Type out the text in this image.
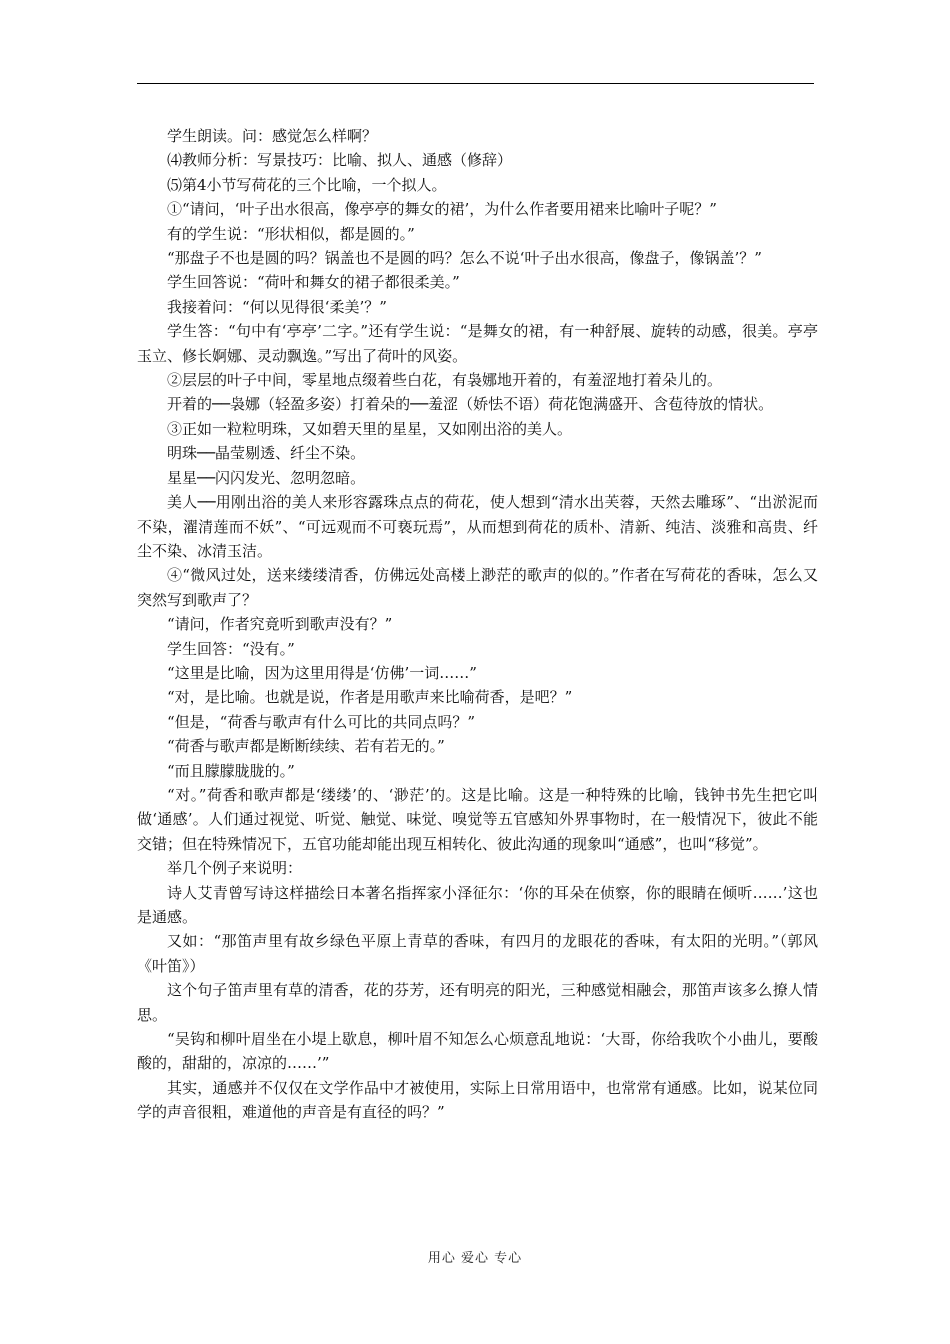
学生朗读。问：感觉怎么样啊？

⑷教师分析：写景技巧：比喻、拟人、通感（修辞）

⑸第4小节写荷花的三个比喻，一个拟人。

①“请问，‘叶子出水很高，像亭亭的舞女的裙’，为什么作者要用裙来比喻叶子呢？”

有的学生说：“形状相似，都是圆的。”

“那盘子不也是圆的吗？锅盖也不是圆的吗？怎么不说‘叶子出水很高，像盘子，像锅盖’？”

学生回答说：“荷叶和舞女的裙子都很柔美。”

我接着问：“何以见得很‘柔美’？”

学生答：“句中有‘亭亭’二字。”还有学生说：“是舞女的裙，有一种舒展、旋转的动感，很美。亭亭玉立、修长婀娜、灵动飘逸。”写出了荷叶的风姿。

②层层的叶子中间，零星地点缀着些白花，有袅娜地开着的，有羞涩地打着朵儿的。

开着的──袅娜（轻盈多姿）打着朵的──羞涩（娇怯不语）荷花饱满盛开、含苞待放的情状。

③正如一粒粒明珠，又如碧天里的星星，又如刚出浴的美人。

明珠──晶莹剔透、纤尘不染。

星星──闪闪发光、忽明忽暗。

美人──用刚出浴的美人来形容露珠点点的荷花，使人想到“清水出芙蓉，天然去雕琢”、“出淤泥而不染，濯清莲而不妖”、“可远观而不可亵玩焉”，从而想到荷花的质朴、清新、纯洁、淡雅和高贵、纤尘不染、冰清玉洁。

④“微风过处，送来缕缕清香，仿佛远处高楼上渺茫的歌声的似的。”作者在写荷花的香味，怎么又突然写到歌声了？

“请问，作者究竟听到歌声没有？”

学生回答：“没有。”

“这里是比喻，因为这里用得是‘仿佛’一词……”

“对，是比喻。也就是说，作者是用歌声来比喻荷香，是吧？”

“但是，“荷香与歌声有什么可比的共同点吗？”

“荷香与歌声都是断断续续、若有若无的。”

“而且朦朦胧胧的。”

“对。”荷香和歌声都是‘缕缕’的、‘渺茫’的。这是比喻。这是一种特殊的比喻，钱钟书先生把它叫做‘通感’。人们通过视觉、听觉、触觉、味觉、嗅觉等五官感知外界事物时，在一般情况下，彼此不能交错；但在特殊情况下，五官功能却能出现互相转化、彼此沟通的现象叫“通感”，也叫“移觉”。

举几个例子来说明：

诗人艾青曾写诗这样描绘日本著名指挥家小泽征尔：‘你的耳朵在侦察，你的眼睛在倾听……’这也是通感。

又如：“那笛声里有故乡绿色平原上青草的香味，有四月的龙眼花的香味，有太阳的光明。”（郭风《叶笛》）

这个句子笛声里有草的清香，花的芬芳，还有明亮的阳光，三种感觉相融会，那笛声该多么撩人情思。

“吴钩和柳叶眉坐在小堤上歇息，柳叶眉不知怎么心烦意乱地说：‘大哥，你给我吹个小曲儿，要酸酸的，甜甜的，凉凉的……’”

其实，通感并不仅仅在文学作品中才被使用，实际上日常用语中，也常常有通感。比如，说某位同学的声音很粗，难道他的声音是有直径的吗？”

用心 爱心 专心
